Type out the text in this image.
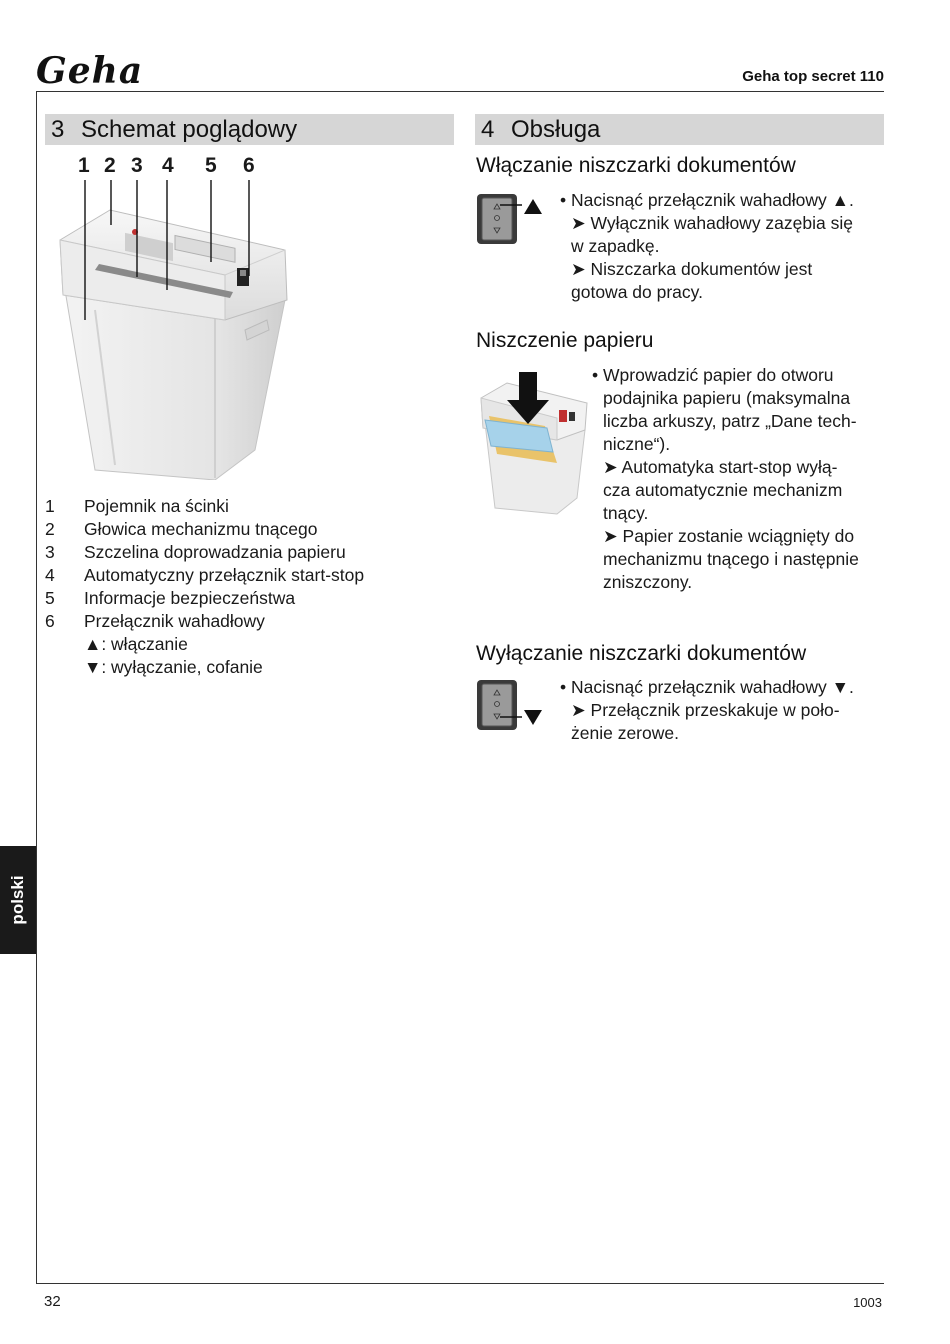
Geha	Geha top secret 110
polski
3 Schemat poglądowy
1 2 3 4 5 6
1 Pojemnik na ścinki
2 Głowica mechanizmu tnącego
3 Szczelina doprowadzania papieru
4 Automatyczny przełącznik start-stop
5 Informacje bezpieczeństwa
6 Przełącznik wahadłowy
▲: włączanie
▼: wyłączanie, cofanie
4 Obsługa
Włączanie niszczarki dokumentów
• Nacisnąć przełącznik wahadłowy ▲.
➤ Wyłącznik wahadłowy zazębia się
w zapadkę.
➤ Niszczarka dokumentów jest
gotowa do pracy.
Niszczenie papieru
• Wprowadzić papier do otworu
podajnika papieru (maksymalna
liczba arkuszy, patrz „Dane tech-
niczne“).
➤ Automatyka start-stop wyłą-
cza automatycznie mechanizm
tnący.
➤ Papier zostanie wciągnięty do
mechanizmu tnącego i następnie
zniszczony.
Wyłączanie niszczarki dokumentów
• Nacisnąć przełącznik wahadłowy ▼.
➤ Przełącznik przeskakuje w poło-
żenie zerowe.
32	1003
